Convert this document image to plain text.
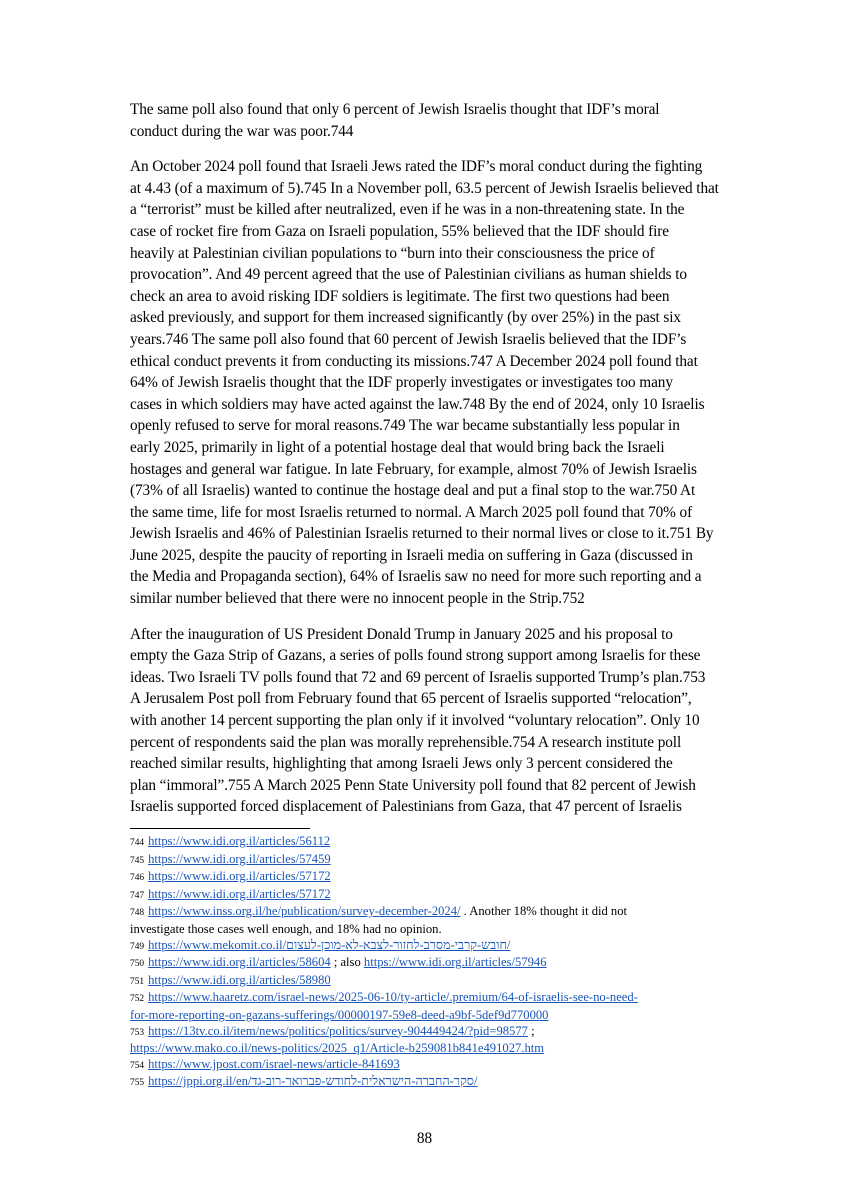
The same poll also found that only 6 percent of Jewish Israelis thought that IDF’s moral
conduct during the war was poor.744

An October 2024 poll found that Israeli Jews rated the IDF’s moral conduct during the fighting
at 4.43 (of a maximum of 5).745 In a November poll, 63.5 percent of Jewish Israelis believed that
a “terrorist” must be killed after neutralized, even if he was in a non-threatening state. In the
case of rocket fire from Gaza on Israeli population, 55% believed that the IDF should fire
heavily at Palestinian civilian populations to “burn into their consciousness the price of
provocation”. And 49 percent agreed that the use of Palestinian civilians as human shields to
check an area to avoid risking IDF soldiers is legitimate. The first two questions had been
asked previously, and support for them increased significantly (by over 25%) in the past six
years.746 The same poll also found that 60 percent of Jewish Israelis believed that the IDF’s
ethical conduct prevents it from conducting its missions.747 A December 2024 poll found that
64% of Jewish Israelis thought that the IDF properly investigates or investigates too many
cases in which soldiers may have acted against the law.748 By the end of 2024, only 10 Israelis
openly refused to serve for moral reasons.749 The war became substantially less popular in
early 2025, primarily in light of a potential hostage deal that would bring back the Israeli
hostages and general war fatigue. In late February, for example, almost 70% of Jewish Israelis
(73% of all Israelis) wanted to continue the hostage deal and put a final stop to the war.750 At
the same time, life for most Israelis returned to normal. A March 2025 poll found that 70% of
Jewish Israelis and 46% of Palestinian Israelis returned to their normal lives or close to it.751 By
June 2025, despite the paucity of reporting in Israeli media on suffering in Gaza (discussed in
the Media and Propaganda section), 64% of Israelis saw no need for more such reporting and a
similar number believed that there were no innocent people in the Strip.752

After the inauguration of US President Donald Trump in January 2025 and his proposal to
empty the Gaza Strip of Gazans, a series of polls found strong support among Israelis for these
ideas. Two Israeli TV polls found that 72 and 69 percent of Israelis supported Trump’s plan.753
A Jerusalem Post poll from February found that 65 percent of Israelis supported “relocation”,
with another 14 percent supporting the plan only if it involved “voluntary relocation”. Only 10
percent of respondents said the plan was morally reprehensible.754 A research institute poll
reached similar results, highlighting that among Israeli Jews only 3 percent considered the
plan “immoral”.755 A March 2025 Penn State University poll found that 82 percent of Jewish
Israelis supported forced displacement of Palestinians from Gaza, that 47 percent of Israelis

744 https://www.idi.org.il/articles/56112
745 https://www.idi.org.il/articles/57459
746 https://www.idi.org.il/articles/57172
747 https://www.idi.org.il/articles/57172
748 https://www.inss.org.il/he/publication/survey-december-2024/ . Another 18% thought it did not
investigate those cases well enough, and 18% had no opinion.
749 https://www.mekomit.co.il/חובש-קרבי-מסרב-לחזור-לצבא-לא-מוכן-לעצום/
750 https://www.idi.org.il/articles/58604 ; also https://www.idi.org.il/articles/57946
751 https://www.idi.org.il/articles/58980
752 https://www.haaretz.com/israel-news/2025-06-10/ty-article/.premium/64-of-israelis-see-no-need-
for-more-reporting-on-gazans-sufferings/00000197-59e8-deed-a9bf-5def9d770000
753 https://13tv.co.il/item/news/politics/politics/survey-904449424/?pid=98577 ;
https://www.mako.co.il/news-politics/2025_q1/Article-b259081b841e491027.htm
754 https://www.jpost.com/israel-news/article-841693
755 https://jppi.org.il/en/סקר-החברה-הישראלית-לחודש-פברואר-רוב-גד/
88
